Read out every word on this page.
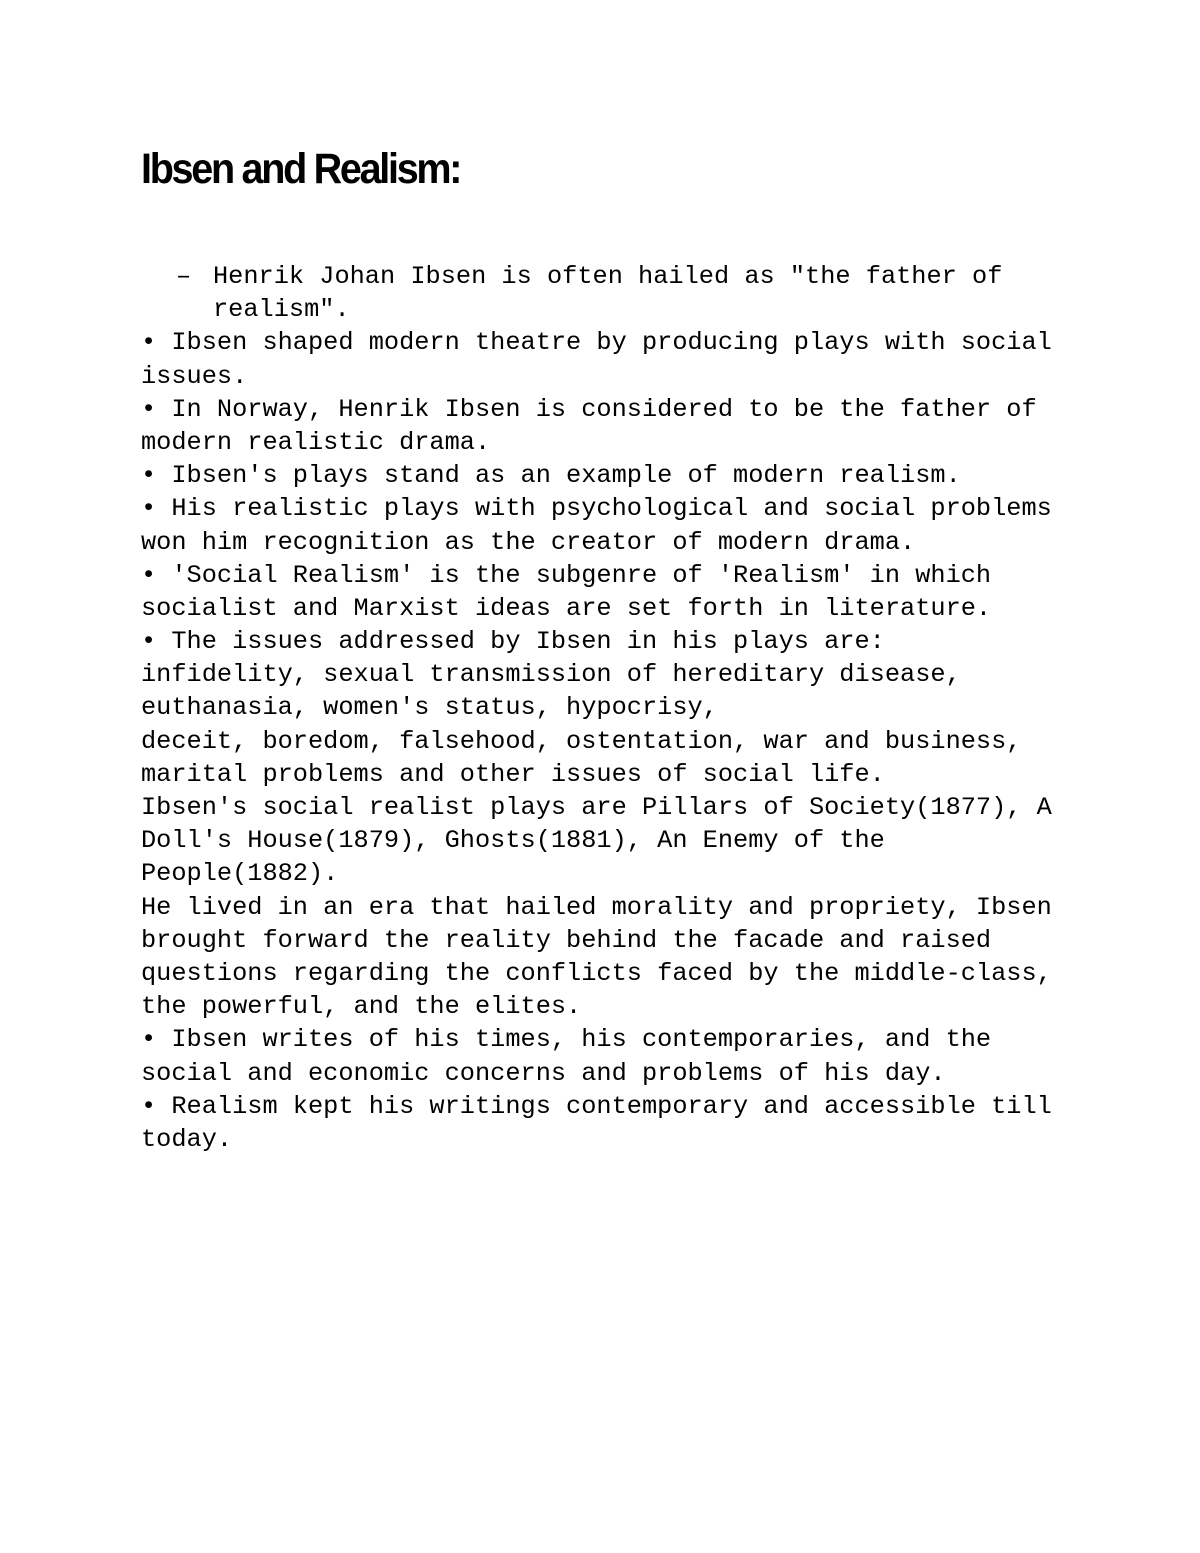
Ibsen and Realism:
– Henrik Johan Ibsen is often hailed as "the father of realism".
• Ibsen shaped modern theatre by producing plays with social
issues.
• In Norway, Henrik Ibsen is considered to be the father of
modern realistic drama.
• Ibsen's plays stand as an example of modern realism.
• His realistic plays with psychological and social problems
won him recognition as the creator of modern drama.
• 'Social Realism' is the subgenre of 'Realism' in which
socialist and Marxist ideas are set forth in literature.
• The issues addressed by Ibsen in his plays are:
infidelity, sexual transmission of hereditary disease,
euthanasia, women's status, hypocrisy,
deceit, boredom, falsehood, ostentation, war and business,
marital problems and other issues of social life.
Ibsen's social realist plays are Pillars of Society(1877), A
Doll's House(1879), Ghosts(1881), An Enemy of the
People(1882).
He lived in an era that hailed morality and propriety, Ibsen
brought forward the reality behind the facade and raised
questions regarding the conflicts faced by the middle-class,
the powerful, and the elites.
• Ibsen writes of his times, his contemporaries, and the
social and economic concerns and problems of his day.
• Realism kept his writings contemporary and accessible till
today.
